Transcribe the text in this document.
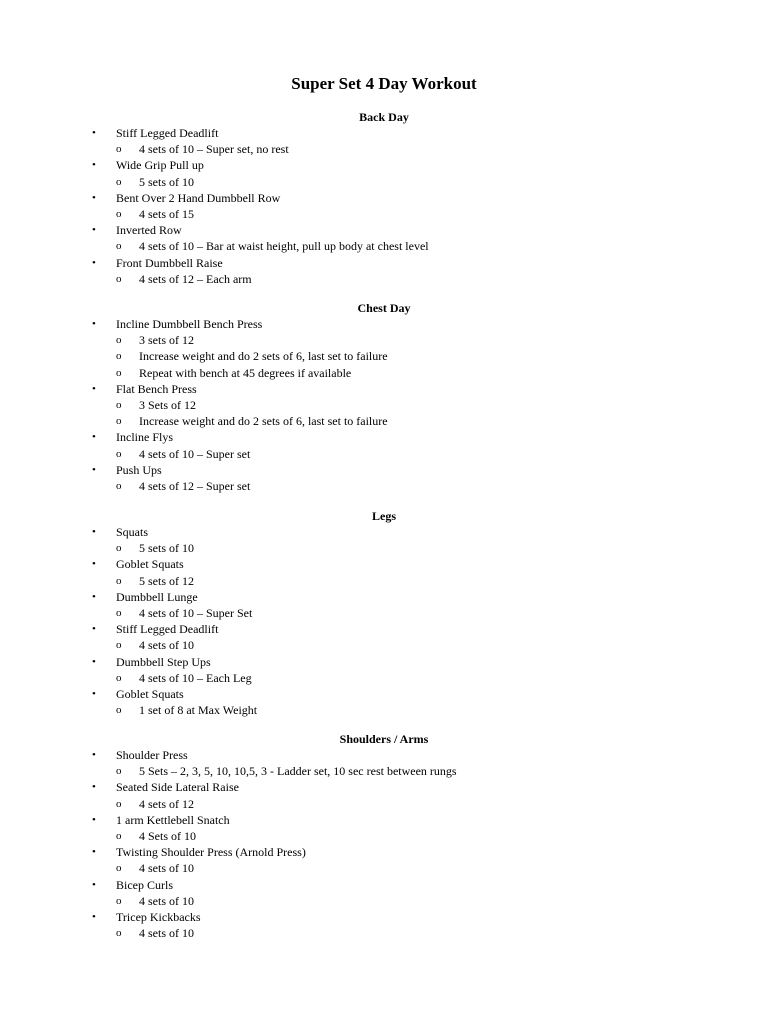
Super Set 4 Day Workout
Back Day
• Stiff Legged Deadlift
o 4 sets of 10 – Super set, no rest
• Wide Grip Pull up
o 5 sets of 10
• Bent Over 2 Hand Dumbbell Row
o 4 sets of 15
• Inverted Row
o 4 sets of 10 – Bar at waist height, pull up body at chest level
• Front Dumbbell Raise
o 4 sets of 12 – Each arm
Chest Day
• Incline Dumbbell Bench Press
o 3 sets of 12
o Increase weight and do 2 sets of 6, last set to failure
o Repeat with bench at 45 degrees if available
• Flat Bench Press
o 3 Sets of 12
o Increase weight and do 2 sets of 6, last set to failure
• Incline Flys
o 4 sets of 10 – Super set
• Push Ups
o 4 sets of 12 – Super set
Legs
• Squats
o 5 sets of 10
• Goblet Squats
o 5 sets of 12
• Dumbbell Lunge
o 4 sets of 10 – Super Set
• Stiff Legged Deadlift
o 4 sets of 10
• Dumbbell Step Ups
o 4 sets of 10 – Each Leg
• Goblet Squats
o 1 set of 8 at Max Weight
Shoulders / Arms
• Shoulder Press
o 5 Sets – 2, 3, 5, 10, 10,5, 3 - Ladder set, 10 sec rest between rungs
• Seated Side Lateral Raise
o 4 sets of 12
• 1 arm Kettlebell Snatch
o 4 Sets of 10
• Twisting Shoulder Press (Arnold Press)
o 4 sets of 10
• Bicep Curls
o 4 sets of 10
• Tricep Kickbacks
o 4 sets of 10
